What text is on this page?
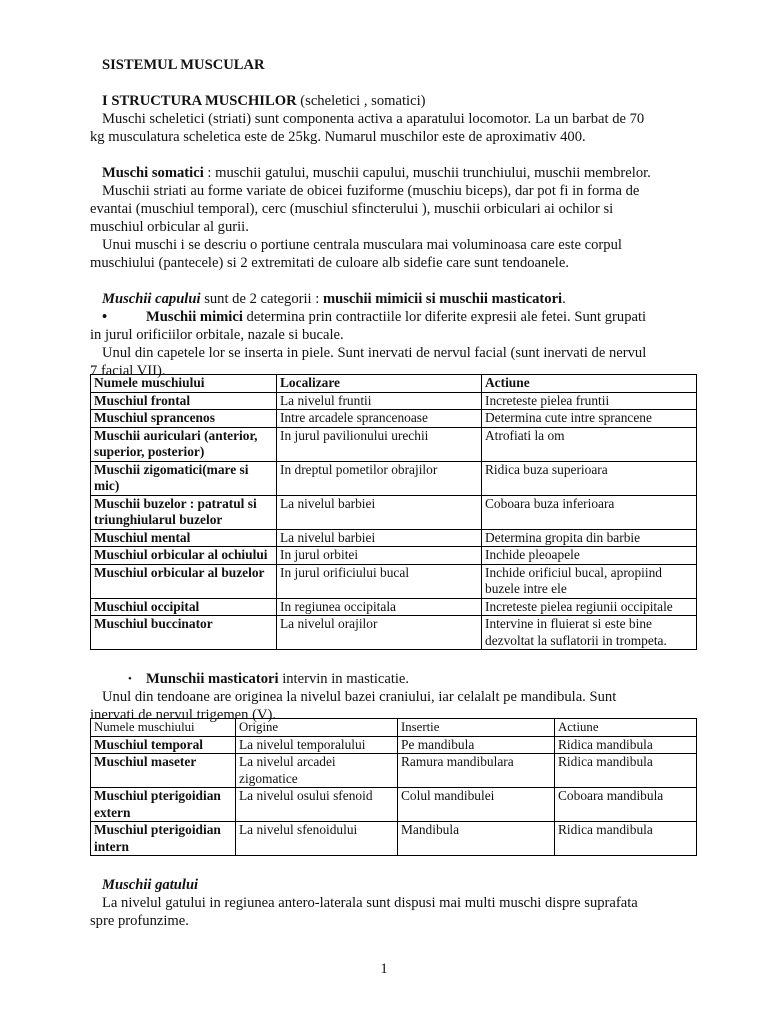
SISTEMUL MUSCULAR

I STRUCTURA MUSCHILOR (scheletici , somatici)

Muschi scheletici (striati) sunt componenta activa a aparatului locomotor. La un barbat de 70

kg musculatura scheletica este de 25kg. Numarul muschilor este de aproximativ 400.

Muschi somatici : muschii gatului, muschii capului, muschii trunchiului, muschii membrelor.

Muschii striati au forme variate de obicei fuziforme (muschiu biceps), dar pot fi in forma de

evantai (muschiul temporal), cerc (muschiul sfincterului ), muschii orbiculari ai ochilor si

muschiul orbicular al gurii.

Unui muschi i se descriu o portiune centrala musculara mai voluminoasa care este corpul

muschiului (pantecele) si 2 extremitati de culoare alb sidefie care sunt tendoanele.

Muschii capului sunt de 2 categorii : muschii mimicii si muschii masticatori.

•	Muschii mimici determina prin contractiile lor diferite expresii ale fetei. Sunt grupati

in jurul orificiilor orbitale, nazale si bucale.

Unul din capetele lor se inserta in piele. Sunt inervati de nervul facial (sunt inervati de nervul

7 facial VII).

Numele muschiului	Localizare	Actiune
Muschiul frontal	La nivelul fruntii	Increteste pielea fruntii
Muschiul sprancenos	Intre arcadele sprancenoase	Determina cute intre sprancene
Muschii auriculari (anterior, superior, posterior)	In jurul pavilionului urechii	Atrofiati la om
Muschii zigomatici(mare si mic)	In dreptul pometilor obrajilor	Ridica buza superioara
Muschii buzelor : patratul si triunghiularul buzelor	La nivelul barbiei	Coboara buza inferioara
Muschiul mental	La nivelul barbiei	Determina gropita din barbie
Muschiul orbicular al ochiului	In jurul orbitei	Inchide pleoapele
Muschiul orbicular al buzelor	In jurul orificiului bucal	Inchide orificiul bucal, apropiind buzele intre ele
Muschiul occipital	In regiunea occipitala	Increteste pielea regiunii occipitale
Muschiul buccinator	La nivelul orajilor	Intervine in fluierat si este bine dezvoltat la suflatorii in trompeta.

• Munschii masticatori intervin in masticatie.

Unul din tendoane are originea la nivelul bazei craniului, iar celalalt pe mandibula. Sunt

inervati de nervul trigemen (V).

Numele muschiului	Origine	Insertie	Actiune
Muschiul temporal	La nivelul temporalului	Pe mandibula	Ridica mandibula
Muschiul maseter	La nivelul arcadei zigomatice	Ramura mandibulara	Ridica mandibula
Muschiul pterigoidian extern	La nivelul osului sfenoid	Colul mandibulei	Coboara mandibula
Muschiul pterigoidian intern	La nivelul sfenoidului	Mandibula	Ridica mandibula

Muschii gatului

La nivelul gatului in regiunea antero-laterala sunt dispusi mai multi muschi dispre suprafata

spre profunzime.

1
